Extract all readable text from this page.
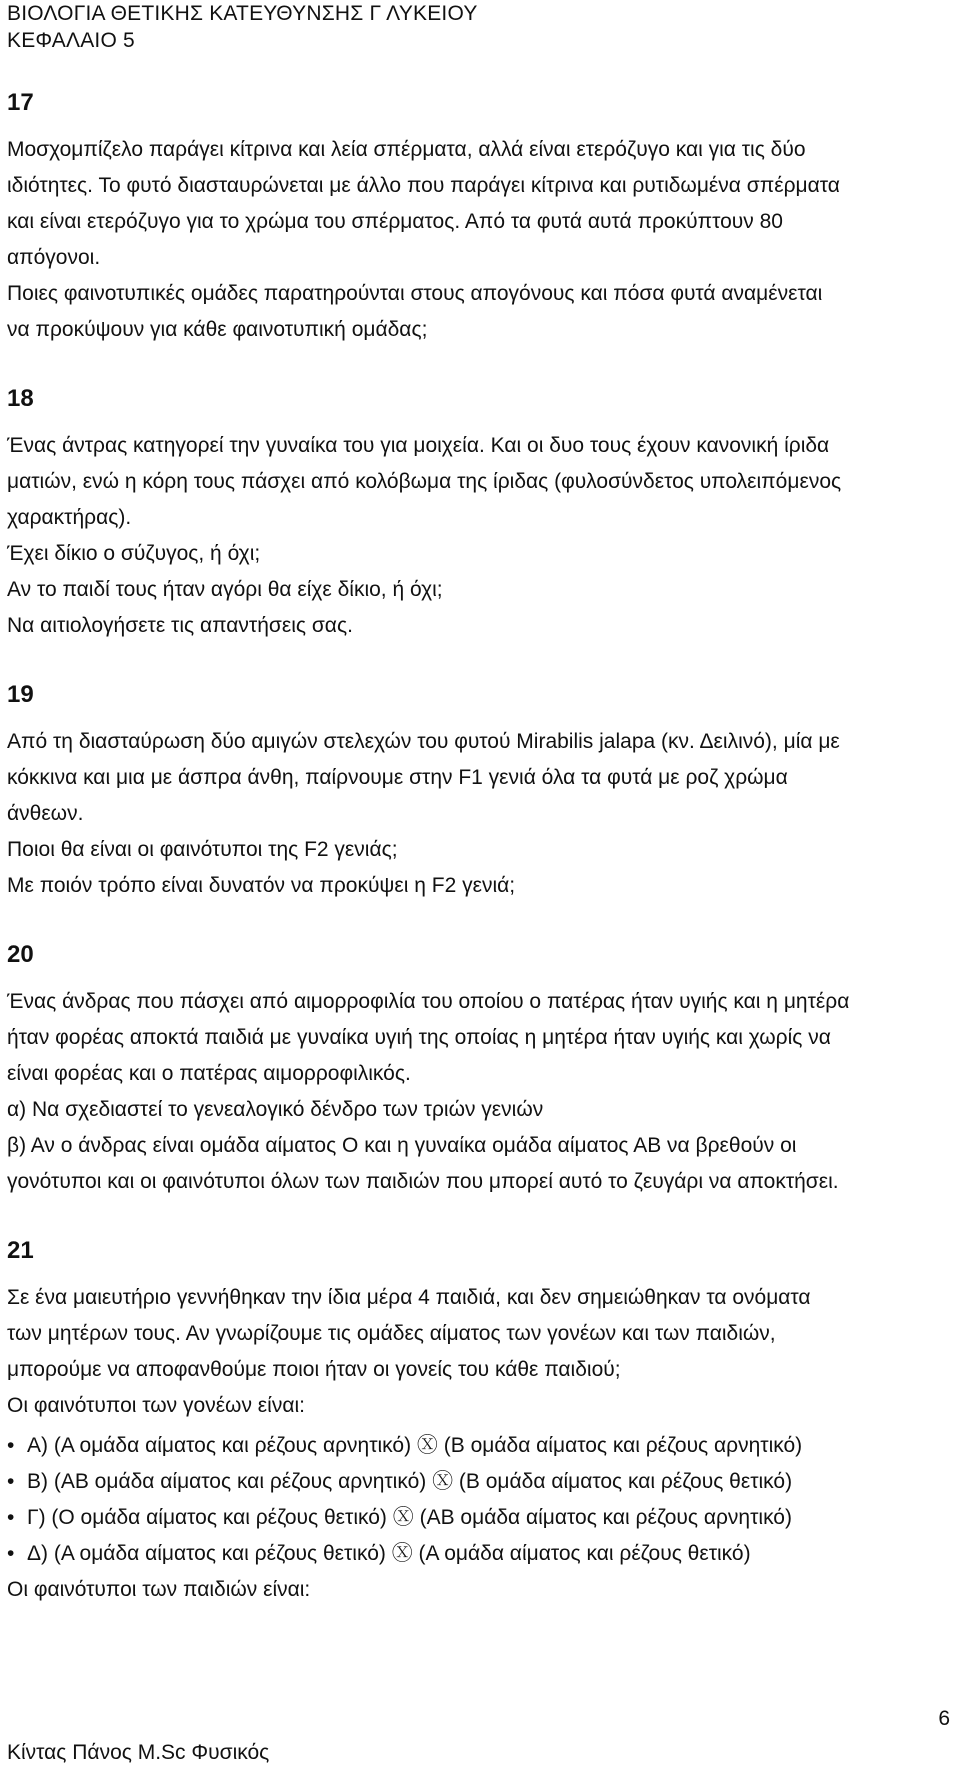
ΒΙΟΛΟΓΙΑ ΘΕΤΙΚΗΣ ΚΑΤΕΥΘΥΝΣΗΣ Γ ΛΥΚΕΙΟΥ
ΚΕΦΑΛΑΙΟ 5
17

Μοσχομπίζελο παράγει κίτρινα και λεία σπέρματα, αλλά είναι ετερόζυγο και για τις δύο

ιδιότητες. Το φυτό διασταυρώνεται με άλλο που παράγει κίτρινα και ρυτιδωμένα σπέρματα

και είναι ετερόζυγο για το χρώμα του σπέρματος. Από τα φυτά αυτά προκύπτουν 80

απόγονοι.

Ποιες φαινοτυπικές ομάδες παρατηρούνται στους απογόνους και πόσα φυτά αναμένεται

να προκύψουν για κάθε φαινοτυπική ομάδας;

18

Ένας άντρας κατηγορεί την γυναίκα του για μοιχεία. Και οι δυο τους έχουν κανονική ίριδα

ματιών, ενώ η κόρη τους πάσχει από κολόβωμα της ίριδας (φυλοσύνδετος υπολειπόμενος

χαρακτήρας).

Έχει δίκιο ο σύζυγος, ή όχι;

Αν το παιδί τους ήταν αγόρι θα είχε δίκιο, ή όχι;

Να αιτιολογήσετε τις απαντήσεις σας.

19

Από τη διασταύρωση δύο αμιγών στελεχών του φυτού Mirabilis jalapa (κν. Δειλινό), μία με

κόκκινα και μια με άσπρα άνθη, παίρνουμε στην F1 γενιά όλα τα φυτά με ροζ χρώμα

άνθεων.

Ποιοι θα είναι οι φαινότυποι της F2 γενιάς;

Με ποιόν τρόπο είναι δυνατόν να προκύψει η F2 γενιά;

20

Ένας άνδρας που πάσχει από αιμορροφιλία του οποίου ο πατέρας ήταν υγιής και η μητέρα

ήταν φορέας αποκτά παιδιά με γυναίκα υγιή της οποίας η μητέρα ήταν υγιής και χωρίς να

είναι φορέας και ο πατέρας αιμορροφιλικός.

α) Να σχεδιαστεί το γενεαλογικό δένδρο των τριών γενιών

β) Αν ο άνδρας είναι ομάδα αίματος Ο και η γυναίκα ομάδα αίματος ΑΒ να βρεθούν οι

γονότυποι και οι φαινότυποι όλων των παιδιών που μπορεί αυτό το ζευγάρι να αποκτήσει.

21

Σε ένα μαιευτήριο γεννήθηκαν την ίδια μέρα 4 παιδιά, και δεν σημειώθηκαν τα ονόματα

των μητέρων τους. Αν γνωρίζουμε τις ομάδες αίματος των γονέων και των παιδιών,

μπορούμε να αποφανθούμε ποιοι ήταν οι γονείς του κάθε παιδιού;

Οι φαινότυποι των γονέων είναι:

• Α) (Α ομάδα αίματος και ρέζους αρνητικό) Ⓧ (Β ομάδα αίματος και ρέζους αρνητικό)
• Β) (ΑΒ ομάδα αίματος και ρέζους αρνητικό) Ⓧ (Β ομάδα αίματος και ρέζους θετικό)
• Γ) (Ο ομάδα αίματος και ρέζους θετικό) Ⓧ (ΑΒ ομάδα αίματος και ρέζους αρνητικό)
• Δ) (Α ομάδα αίματος και ρέζους θετικό) Ⓧ (Α ομάδα αίματος και ρέζους θετικό)

Οι φαινότυποι των παιδιών είναι:

6
Κίντας Πάνος M.Sc Φυσικός
